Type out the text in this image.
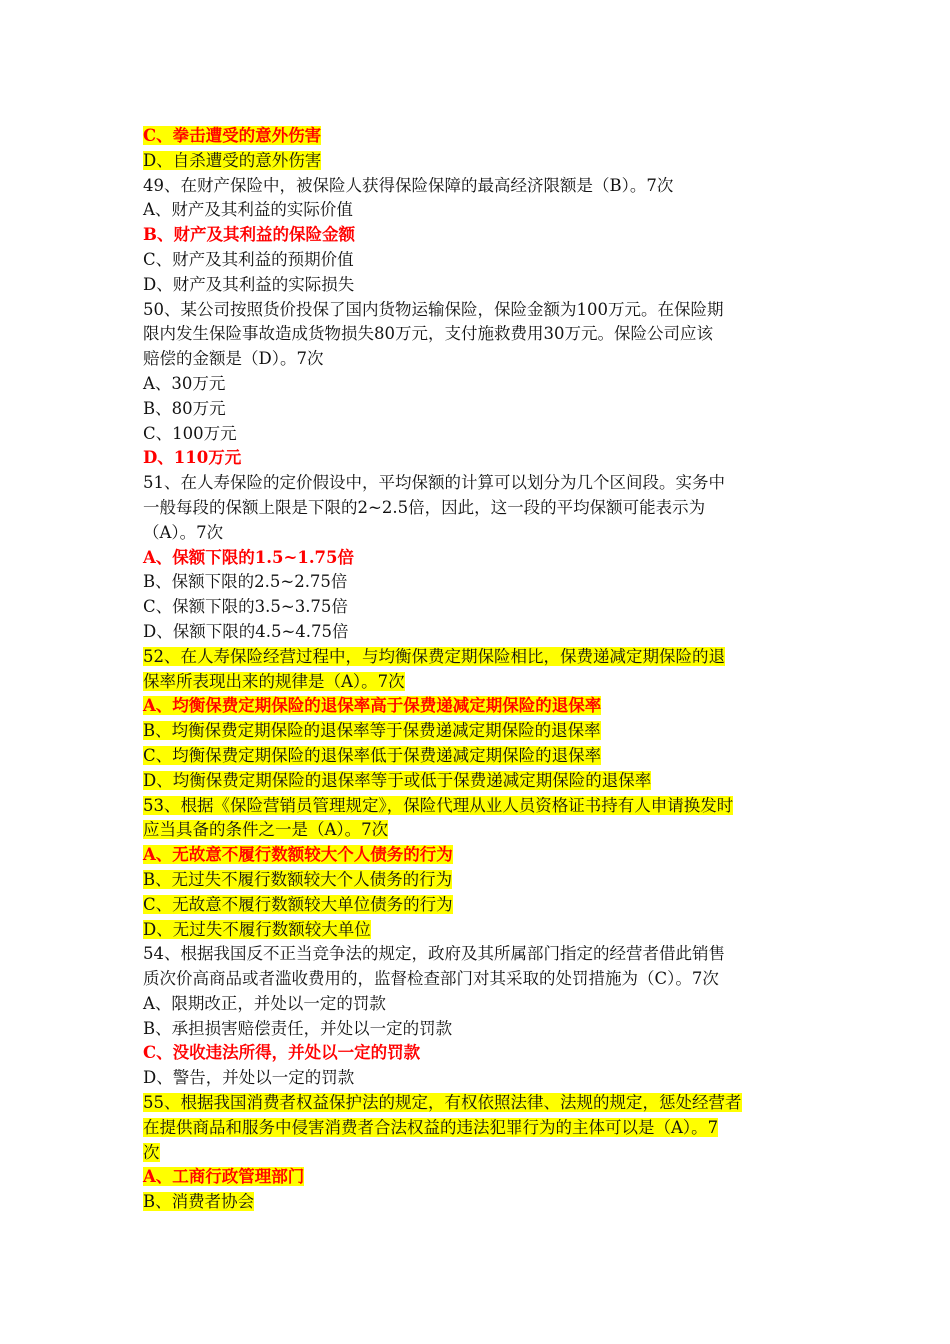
C、拳击遭受的意外伤害
D、自杀遭受的意外伤害
49、在财产保险中，被保险人获得保险保障的最高经济限额是（B）。7次
A、财产及其利益的实际价值
B、财产及其利益的保险金额
C、财产及其利益的预期价值
D、财产及其利益的实际损失
50、某公司按照货价投保了国内货物运输保险，保险金额为100万元。在保险期
限内发生保险事故造成货物损失80万元，支付施救费用30万元。保险公司应该
赔偿的金额是（D）。7次
A、30万元
B、80万元
C、100万元
D、110万元
51、在人寿保险的定价假设中，平均保额的计算可以划分为几个区间段。实务中
一般每段的保额上限是下限的2~2.5倍，因此，这一段的平均保额可能表示为
（A）。7次
A、保额下限的1.5~1.75倍
B、保额下限的2.5~2.75倍
C、保额下限的3.5~3.75倍
D、保额下限的4.5~4.75倍
52、在人寿保险经营过程中，与均衡保费定期保险相比，保费递减定期保险的退
保率所表现出来的规律是（A）。7次
A、均衡保费定期保险的退保率高于保费递减定期保险的退保率
B、均衡保费定期保险的退保率等于保费递减定期保险的退保率
C、均衡保费定期保险的退保率低于保费递减定期保险的退保率
D、均衡保费定期保险的退保率等于或低于保费递减定期保险的退保率
53、根据《保险营销员管理规定》，保险代理从业人员资格证书持有人申请换发时
应当具备的条件之一是（A）。7次
A、无故意不履行数额较大个人债务的行为
B、无过失不履行数额较大个人债务的行为
C、无故意不履行数额较大单位债务的行为
D、无过失不履行数额较大单位
54、根据我国反不正当竞争法的规定，政府及其所属部门指定的经营者借此销售
质次价高商品或者滥收费用的，监督检查部门对其采取的处罚措施为（C）。7次
A、限期改正，并处以一定的罚款
B、承担损害赔偿责任，并处以一定的罚款
C、没收违法所得，并处以一定的罚款
D、警告，并处以一定的罚款
55、根据我国消费者权益保护法的规定，有权依照法律、法规的规定，惩处经营者
在提供商品和服务中侵害消费者合法权益的违法犯罪行为的主体可以是（A）。7
次
A、工商行政管理部门
B、消费者协会
